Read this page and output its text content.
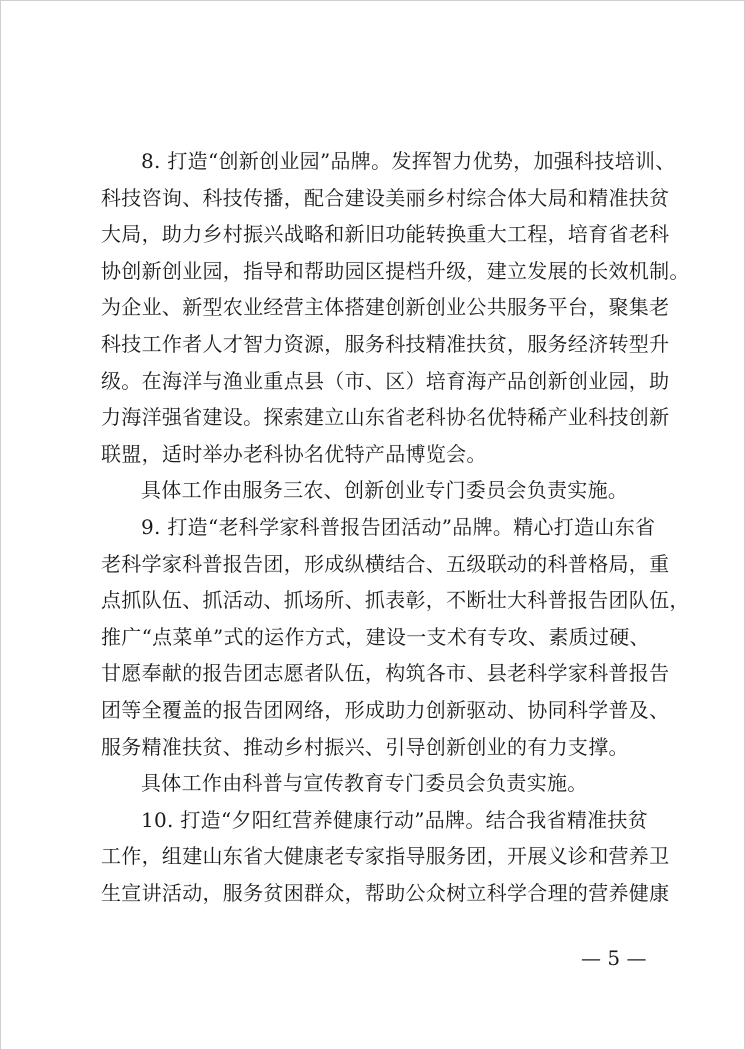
8. 打造“创新创业园”品牌。发挥智力优势，加强科技培训、
科技咨询、科技传播，配合建设美丽乡村综合体大局和精准扶贫
大局，助力乡村振兴战略和新旧功能转换重大工程，培育省老科
协创新创业园，指导和帮助园区提档升级，建立发展的长效机制。
为企业、新型农业经营主体搭建创新创业公共服务平台，聚集老
科技工作者人才智力资源，服务科技精准扶贫，服务经济转型升
级。在海洋与渔业重点县（市、区）培育海产品创新创业园，助
力海洋强省建设。探索建立山东省老科协名优特稀产业科技创新
联盟，适时举办老科协名优特产品博览会。
具体工作由服务三农、创新创业专门委员会负责实施。
9. 打造“老科学家科普报告团活动”品牌。精心打造山东省
老科学家科普报告团，形成纵横结合、五级联动的科普格局，重
点抓队伍、抓活动、抓场所、抓表彰，不断壮大科普报告团队伍，
推广“点菜单”式的运作方式，建设一支术有专攻、素质过硬、
甘愿奉献的报告团志愿者队伍，构筑各市、县老科学家科普报告
团等全覆盖的报告团网络，形成助力创新驱动、协同科学普及、
服务精准扶贫、推动乡村振兴、引导创新创业的有力支撑。
具体工作由科普与宣传教育专门委员会负责实施。
10. 打造“夕阳红营养健康行动”品牌。结合我省精准扶贫
工作，组建山东省大健康老专家指导服务团，开展义诊和营养卫
生宣讲活动，服务贫困群众，帮助公众树立科学合理的营养健康
— 5 —
